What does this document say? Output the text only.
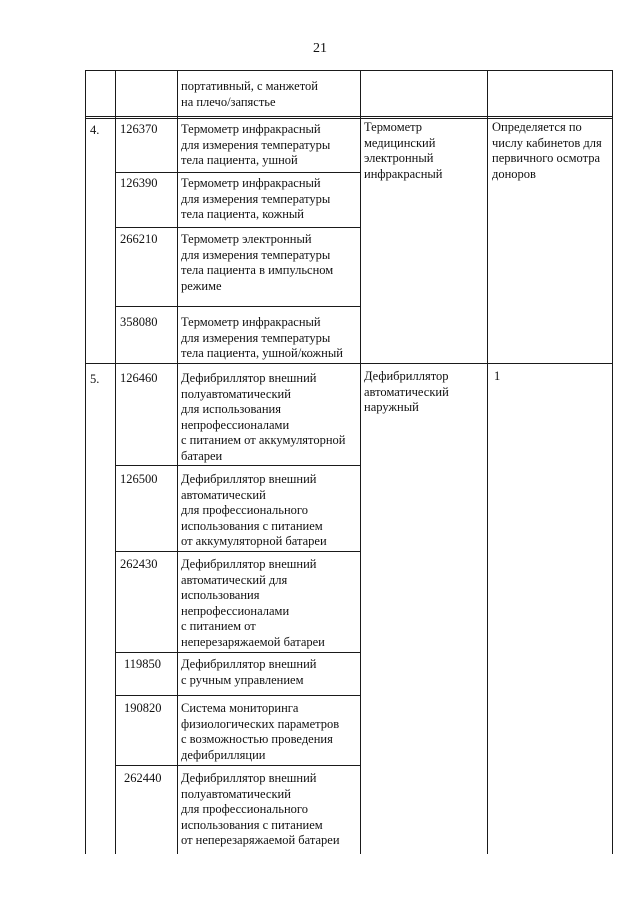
21
портативный, с манжетой
на плечо/запястье
4.	Термометр
медицинский
электронный
инфракрасный
Определяется по
числу кабинетов для
первичного осмотра
доноров
126370 Термометр инфракрасный
для измерения температуры
тела пациента, ушной
126390 Термометр инфракрасный
для измерения температуры
тела пациента, кожный
266210 Термометр электронный
для измерения температуры
тела пациента в импульсном
режиме
358080 Термометр инфракрасный
для измерения температуры
тела пациента, ушной/кожный
5.	Дефибриллятор
автоматический
наружный
1
126460 Дефибриллятор внешний
полуавтоматический
для использования
непрофессионалами
с питанием от аккумуляторной
батареи
126500 Дефибриллятор внешний
автоматический
для профессионального
использования с питанием
от аккумуляторной батареи
262430 Дефибриллятор внешний
автоматический для
использования
непрофессионалами
с питанием от
неперезаряжаемой батареи
119850 Дефибриллятор внешний
с ручным управлением
190820 Система мониторинга
физиологических параметров
с возможностью проведения
дефибрилляции
262440 Дефибриллятор внешний
полуавтоматический
для профессионального
использования с питанием
от неперезаряжаемой батареи
